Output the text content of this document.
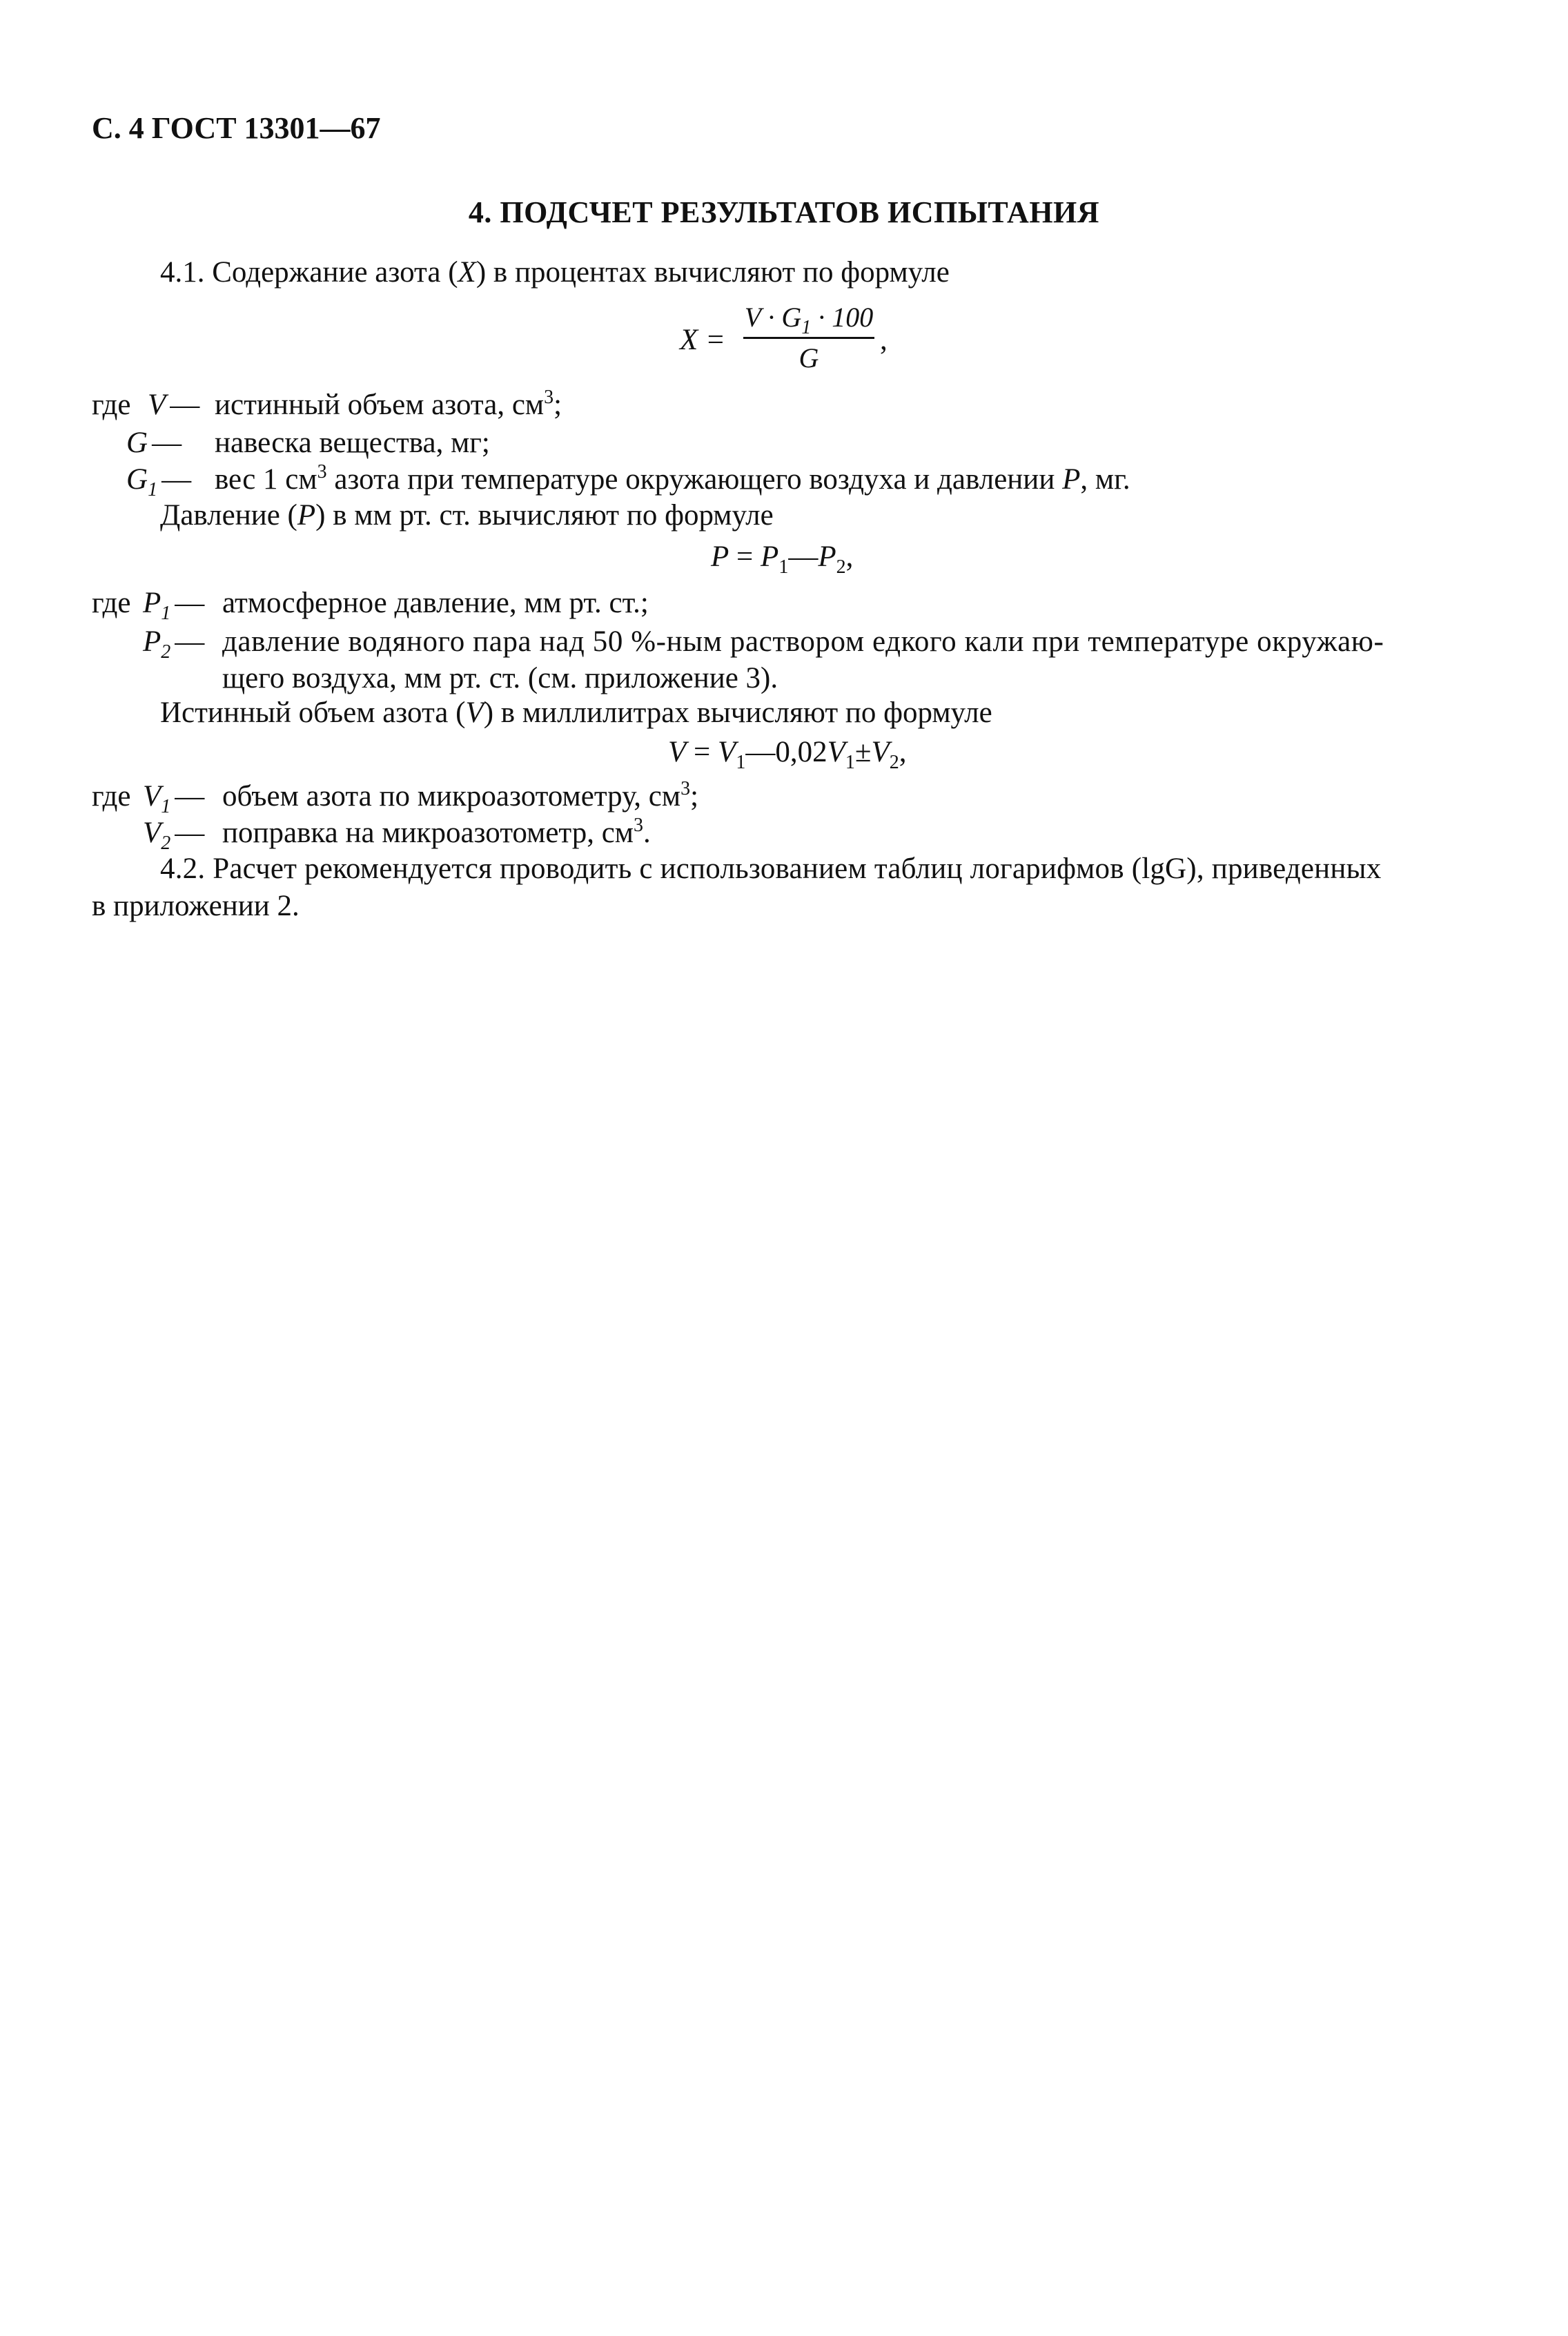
С. 4 ГОСТ 13301—67
4. ПОДСЧЕТ РЕЗУЛЬТАТОВ ИСПЫТАНИЯ
4.1. Содержание азота (X) в процентах вычисляют по формуле
X =
$V \cdot G_1 \cdot 100$
G
,
где V — истинный объем азота, $см^3$;
G — навеска вещества, мг;
$G_1$ — вес 1 $см^3$ азота при температуре окружающего воздуха и давлении P, мг.
Давление (P) в мм рт. ст. вычисляют по формуле
$P = P_1—P_2$,
где $P_1$ — атмосферное давление, мм рт. ст.;
$P_2$ — давление водяного пара над 50 %-ным раствором едкого кали при температуре окружаю-
щего воздуха, мм рт. ст. (см. приложение 3).
Истинный объем азота (V) в миллилитрах вычисляют по формуле
$V = V_1—0,02V_1\pm V_2$,
где $V_1$ — объем азота по микроазотометру, $см^3$;
$V_2$ — поправка на микроазотометр, $см^3$.
4.2. Расчет рекомендуется проводить с использованием таблиц логарифмов (lgG), приведенных
в приложении 2.
